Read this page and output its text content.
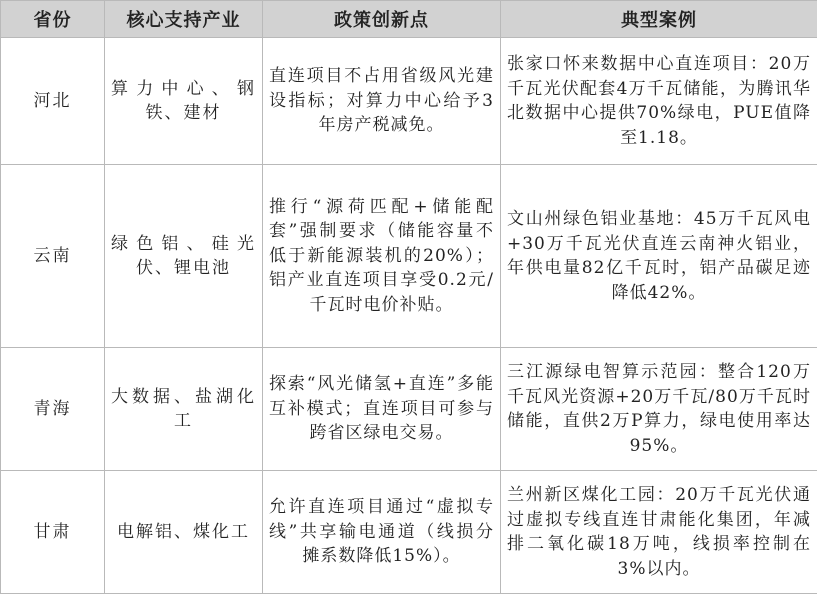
省份	核心支持产业	政策创新点	典型案例
河北	算力中心、钢铁、建材	直连项目不占用省级风光建设指标；对算力中心给予3年房产税减免。	张家口怀来数据中心直连项目：20万千瓦光伏配套4万千瓦储能，为腾讯华北数据中心提供70%绿电，PUE值降至1.18。
云南	绿色铝、硅光伏、锂电池	推行“源荷匹配+储能配套”强制要求（储能容量不低于新能源装机的20%）；铝产业直连项目享受0.2元/千瓦时电价补贴。	文山州绿色铝业基地：45万千瓦风电+30万千瓦光伏直连云南神火铝业，年供电量82亿千瓦时，铝产品碳足迹降低42%。
青海	大数据、盐湖化工	探索“风光储氢+直连”多能互补模式；直连项目可参与跨省区绿电交易。	三江源绿电智算示范园：整合120万千瓦风光资源+20万千瓦/80万千瓦时储能，直供2万P算力，绿电使用率达95%。
甘肃	电解铝、煤化工	允许直连项目通过“虚拟专线”共享输电通道（线损分摊系数降低15%）。	兰州新区煤化工园：20万千瓦光伏通过虚拟专线直连甘肃能化集团，年减排二氧化碳18万吨，线损率控制在3%以内。
